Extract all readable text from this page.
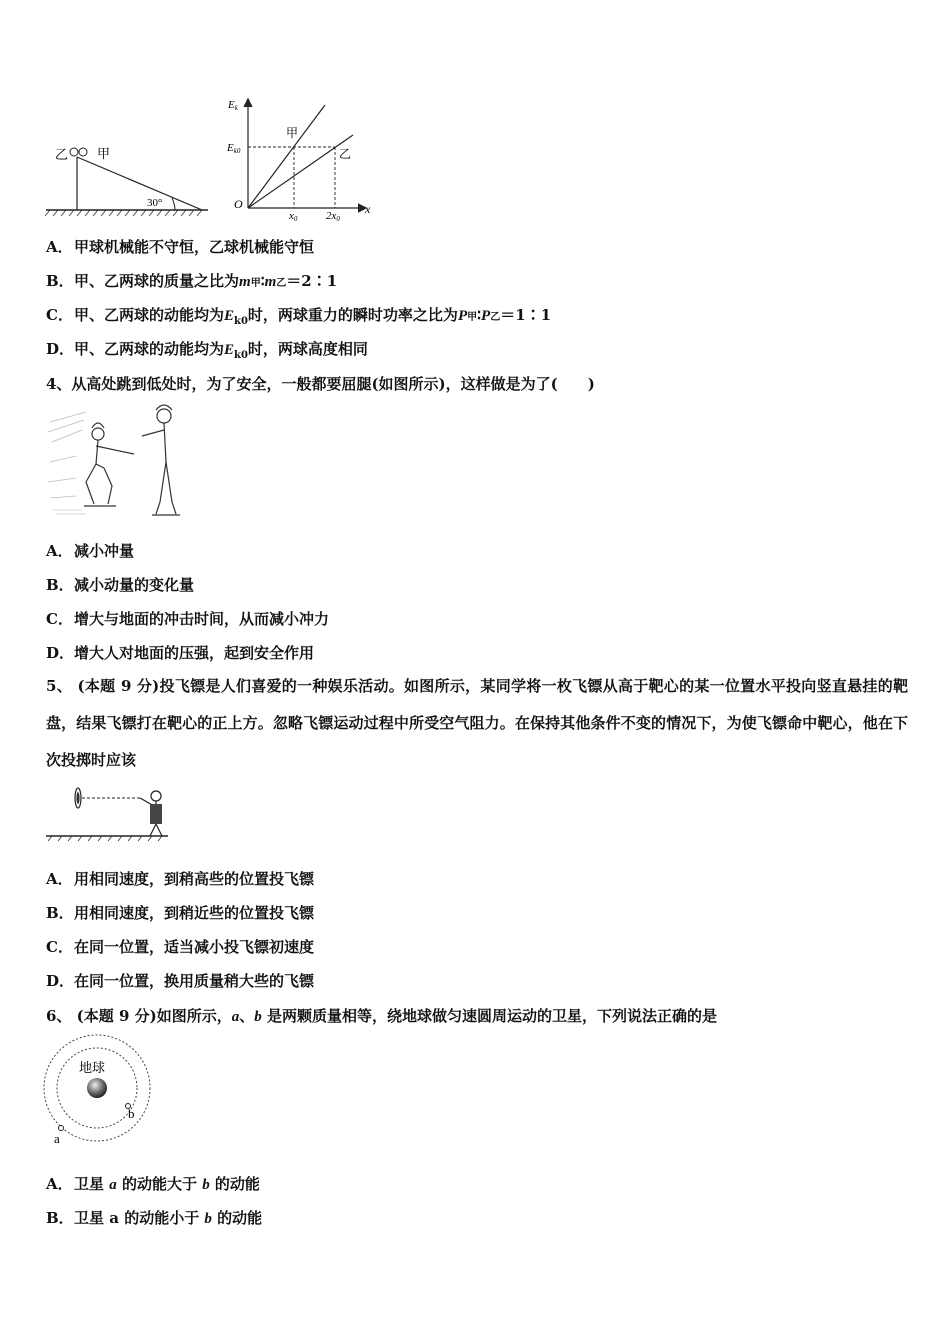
乙 甲
30°
Ek
Ek0
O	x
甲
乙
x0	2x0
A．甲球机械能不守恒，乙球机械能守恒
B．甲、乙两球的质量之比为m甲∶m乙＝2∶1
C．甲、乙两球的动能均为$E_{k0}$时，两球重力的瞬时功率之比为P甲∶P乙＝1∶1
D．甲、乙两球的动能均为$E_{k0}$时，两球高度相同
4、从高处跳到低处时，为了安全，一般都要屈腿(如图所示)，这样做是为了(　　)
A．减小冲量
B．减小动量的变化量
C．增大与地面的冲击时间，从而减小冲力
D．增大人对地面的压强，起到安全作用
5、 (本题 9 分)投飞镖是人们喜爱的一种娱乐活动。如图所示，某同学将一枚飞镖从高于靶心的某一位置水平投向竖直悬挂的靶盘，结果飞镖打在靶心的正上方。忽略飞镖运动过程中所受空气阻力。在保持其他条件不变的情况下，为使飞镖命中靶心，他在下次投掷时应该
A．用相同速度，到稍高些的位置投飞镖
B．用相同速度，到稍近些的位置投飞镖
C．在同一位置，适当减小投飞镖初速度
D．在同一位置，换用质量稍大些的飞镖
6、 (本题 9 分)如图所示，a、b 是两颗质量相等，绕地球做匀速圆周运动的卫星，下列说法正确的是
地球
b
a
A．卫星 a 的动能大于 b 的动能
B．卫星 a 的动能小于 b 的动能
